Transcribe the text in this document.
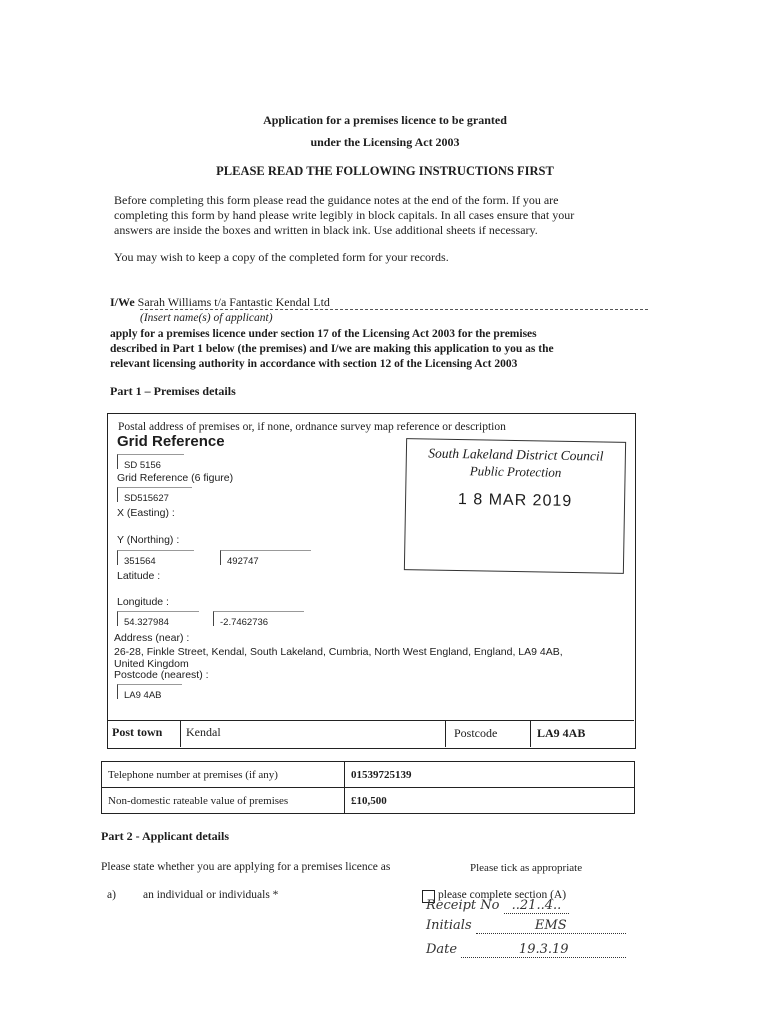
Application for a premises licence to be granted
under the Licensing Act 2003
PLEASE READ THE FOLLOWING INSTRUCTIONS FIRST
Before completing this form please read the guidance notes at the end of the form. If you are
completing this form by hand please write legibly in block capitals. In all cases ensure that your
answers are inside the boxes and written in black ink. Use additional sheets if necessary.
You may wish to keep a copy of the completed form for your records.
I/We Sarah Williams t/a Fantastic Kendal Ltd
(Insert name(s) of applicant)
apply for a premises licence under section 17 of the Licensing Act 2003 for the premises
described in Part 1 below (the premises) and I/we are making this application to you as the
relevant licensing authority in accordance with section 12 of the Licensing Act 2003
Part 1 – Premises details
Postal address of premises or, if none, ordnance survey map reference or description
Grid Reference
SD 5156
Grid Reference (6 figure)
SD515627
X (Easting) :
Y (Northing) :
351564	492747
Latitude :
Longitude :
54.327984	-2.7462736
Address (near) :
26-28, Finkle Street, Kendal, South Lakeland, Cumbria, North West England, England, LA9 4AB,
United Kingdom
Postcode (nearest) :
LA9 4AB
Post town Kendal	Postcode	LA9 4AB
South Lakeland District Council
Public Protection
1 8 MAR 2019
Telephone number at premises (if any)	01539725139
Non-domestic rateable value of premises	£10,500
Part 2 - Applicant details
Please state whether you are applying for a premises licence as	Please tick as appropriate
a) an individual or individuals *	please complete section (A)
Receipt No ..21..4..
Initials	EMS
Date	19.3.19
